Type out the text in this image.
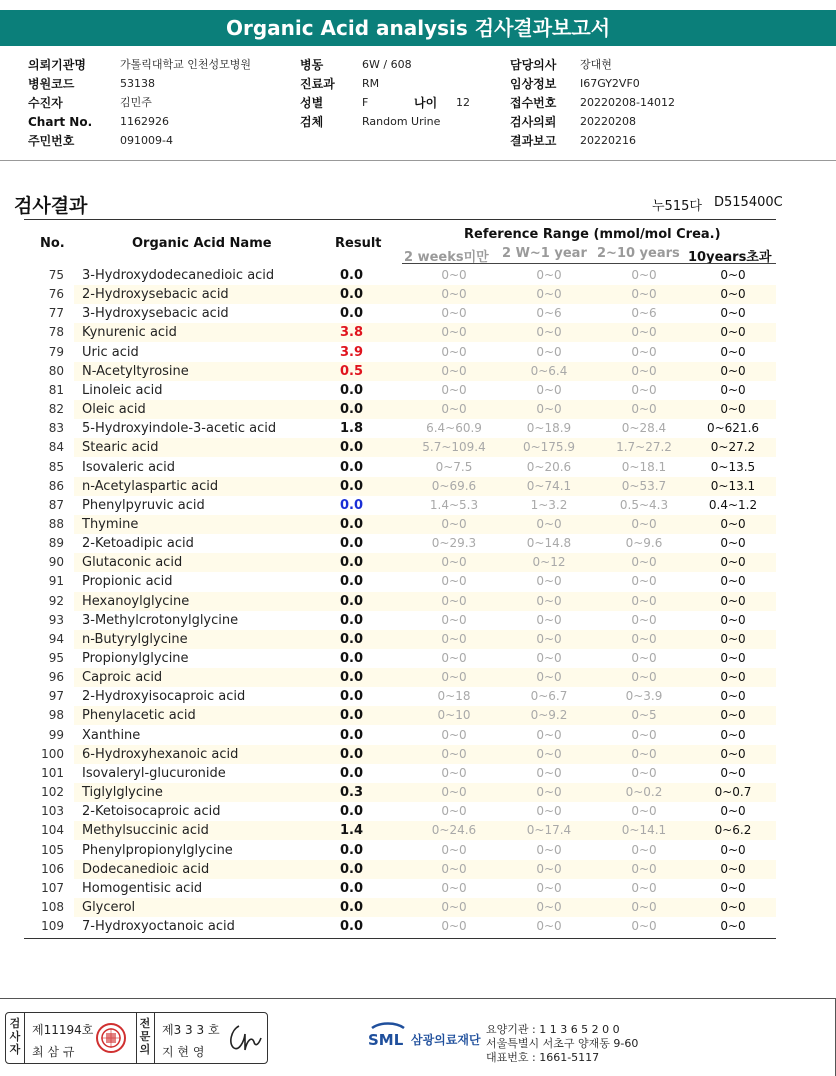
Organic Acid analysis 검사결과보고서
의뢰기관명	가톨릭대학교 인천성모병원
병원코드	53138
수진자	김민주
Chart No.	1162926
주민번호	091009-4
병동	6W / 608
진료과 RM
성별	F
검체	Random Urine
담당의사 장대현
임상정보 I67GY2VF0
접수번호 20220208-14012
검사의뢰 20220208
결과보고 20220216
나이 12
검사결과	누515다 D515400C
No.	Organic Acid Name	Result
Reference Range (mmol/mol Crea.)
2 weeks미만 2 W~1 year 2~10 years 10years초과
75	3-Hydroxydodecanedioic acid	0.0	0~0	0~0	0~0	0~0
76	2-Hydroxysebacic acid	0.0	0~0	0~0	0~0	0~0
77	3-Hydroxysebacic acid	0.0	0~0	0~6	0~6	0~0
78	Kynurenic acid	3.8	0~0	0~0	0~0	0~0
79	Uric acid	3.9	0~0	0~0	0~0	0~0
80	N-Acetyltyrosine	0.5	0~0	0~6.4	0~0	0~0
81	Linoleic acid	0.0	0~0	0~0	0~0	0~0
82	Oleic acid	0.0	0~0	0~0	0~0	0~0
83	5-Hydroxyindole-3-acetic acid	1.8	6.4~60.9	0~18.9	0~28.4	0~621.6
84	Stearic acid	0.0	5.7~109.4	0~175.9	1.7~27.2	0~27.2
85	Isovaleric acid	0.0	0~7.5	0~20.6	0~18.1	0~13.5
86	n-Acetylaspartic acid	0.0	0~69.6	0~74.1	0~53.7	0~13.1
87	Phenylpyruvic acid	0.0	1.4~5.3	1~3.2	0.5~4.3	0.4~1.2
88	Thymine	0.0	0~0	0~0	0~0	0~0
89	2-Ketoadipic acid	0.0	0~29.3	0~14.8	0~9.6	0~0
90	Glutaconic acid	0.0	0~0	0~12	0~0	0~0
91	Propionic acid	0.0	0~0	0~0	0~0	0~0
92	Hexanoylglycine	0.0	0~0	0~0	0~0	0~0
93	3-Methylcrotonylglycine	0.0	0~0	0~0	0~0	0~0
94	n-Butyrylglycine	0.0	0~0	0~0	0~0	0~0
95	Propionylglycine	0.0	0~0	0~0	0~0	0~0
96	Caproic acid	0.0	0~0	0~0	0~0	0~0
97	2-Hydroxyisocaproic acid	0.0	0~18	0~6.7	0~3.9	0~0
98	Phenylacetic acid	0.0	0~10	0~9.2	0~5	0~0
99	Xanthine	0.0	0~0	0~0	0~0	0~0
100	6-Hydroxyhexanoic acid	0.0	0~0	0~0	0~0	0~0
101	Isovaleryl-glucuronide	0.0	0~0	0~0	0~0	0~0
102	Tiglylglycine	0.3	0~0	0~0	0~0.2	0~0.7
103	2-Ketoisocaproic acid	0.0	0~0	0~0	0~0	0~0
104	Methylsuccinic acid	1.4	0~24.6	0~17.4	0~14.1	0~6.2
105	Phenylpropionylglycine	0.0	0~0	0~0	0~0	0~0
106	Dodecanedioic acid	0.0	0~0	0~0	0~0	0~0
107	Homogentisic acid	0.0	0~0	0~0	0~0	0~0
108	Glycerol	0.0	0~0	0~0	0~0	0~0
109	7-Hydroxyoctanoic acid	0.0	0~0	0~0	0~0	0~0
검
사
자
제11194호
최 삼 규
전
문
의
제3 3 3 호
지 현 영
SML 삼광의료재단
요양기관 : 1 1 3 6 5 2 0 0
서울특별시 서초구 양재동 9-60
대표번호 : 1661-5117
